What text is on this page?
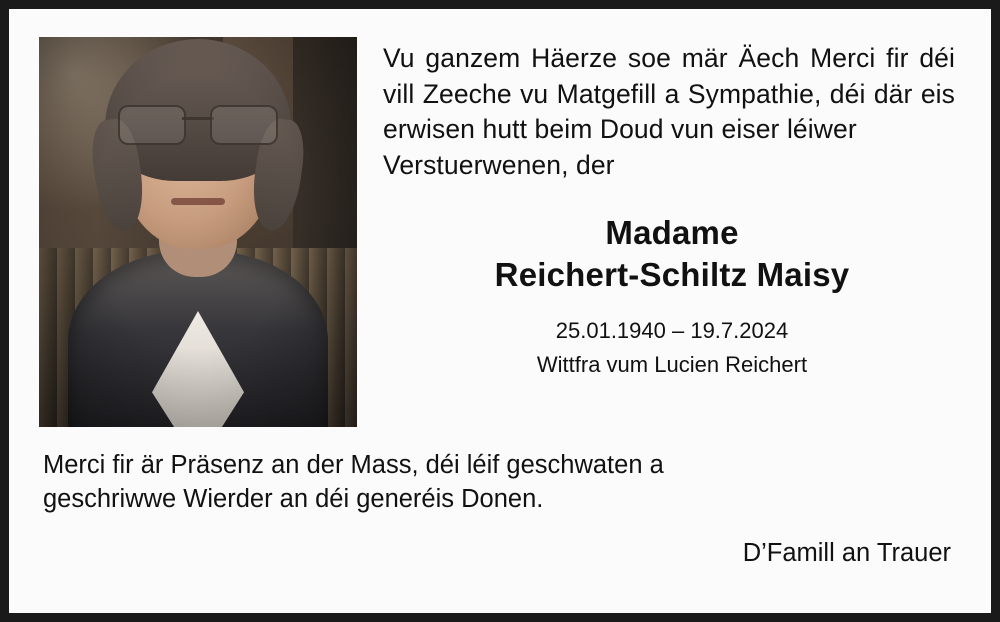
Vu ganzem Häerze soe mär Äech Merci fir déi vill Zeeche vu Matgefill a Sympathie, déi där eis erwisen hutt beim Doud vun eiser léiwer
Verstuerwenen, der

Madame
Reichert-Schiltz Maisy
25.01.1940 – 19.7.2024
Wittfra vum Lucien Reichert
Merci fir är Präsenz an der Mass, déi léif geschwaten a
geschriwwe Wierder an déi generéis Donen.
D’Famill an Trauer
